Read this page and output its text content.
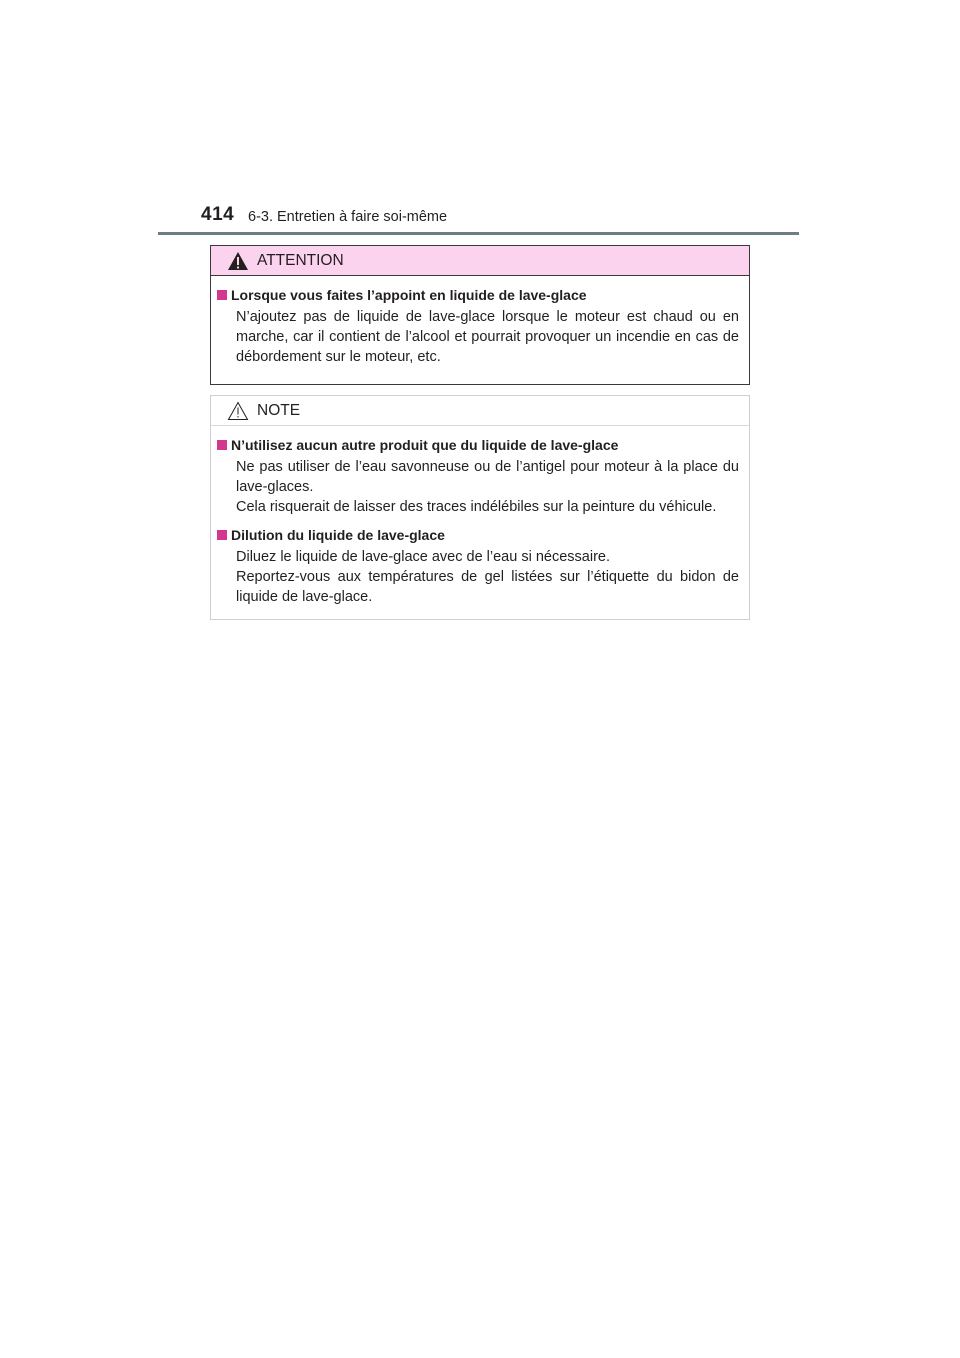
414 6-3. Entretien à faire soi-même
ATTENTION
Lorsque vous faites l’appoint en liquide de lave-glace

N’ajoutez pas de liquide de lave-glace lorsque le moteur est chaud ou en marche, car il contient de l’alcool et pourrait provoquer un incendie en cas de débordement sur le moteur, etc.

NOTE
N’utilisez aucun autre produit que du liquide de lave-glace

Ne pas utiliser de l’eau savonneuse ou de l’antigel pour moteur à la place du lave-glaces.

Cela risquerait de laisser des traces indélébiles sur la peinture du véhicule.

Dilution du liquide de lave-glace

Diluez le liquide de lave-glace avec de l’eau si nécessaire.

Reportez-vous aux températures de gel listées sur l’étiquette du bidon de liquide de lave-glace.
